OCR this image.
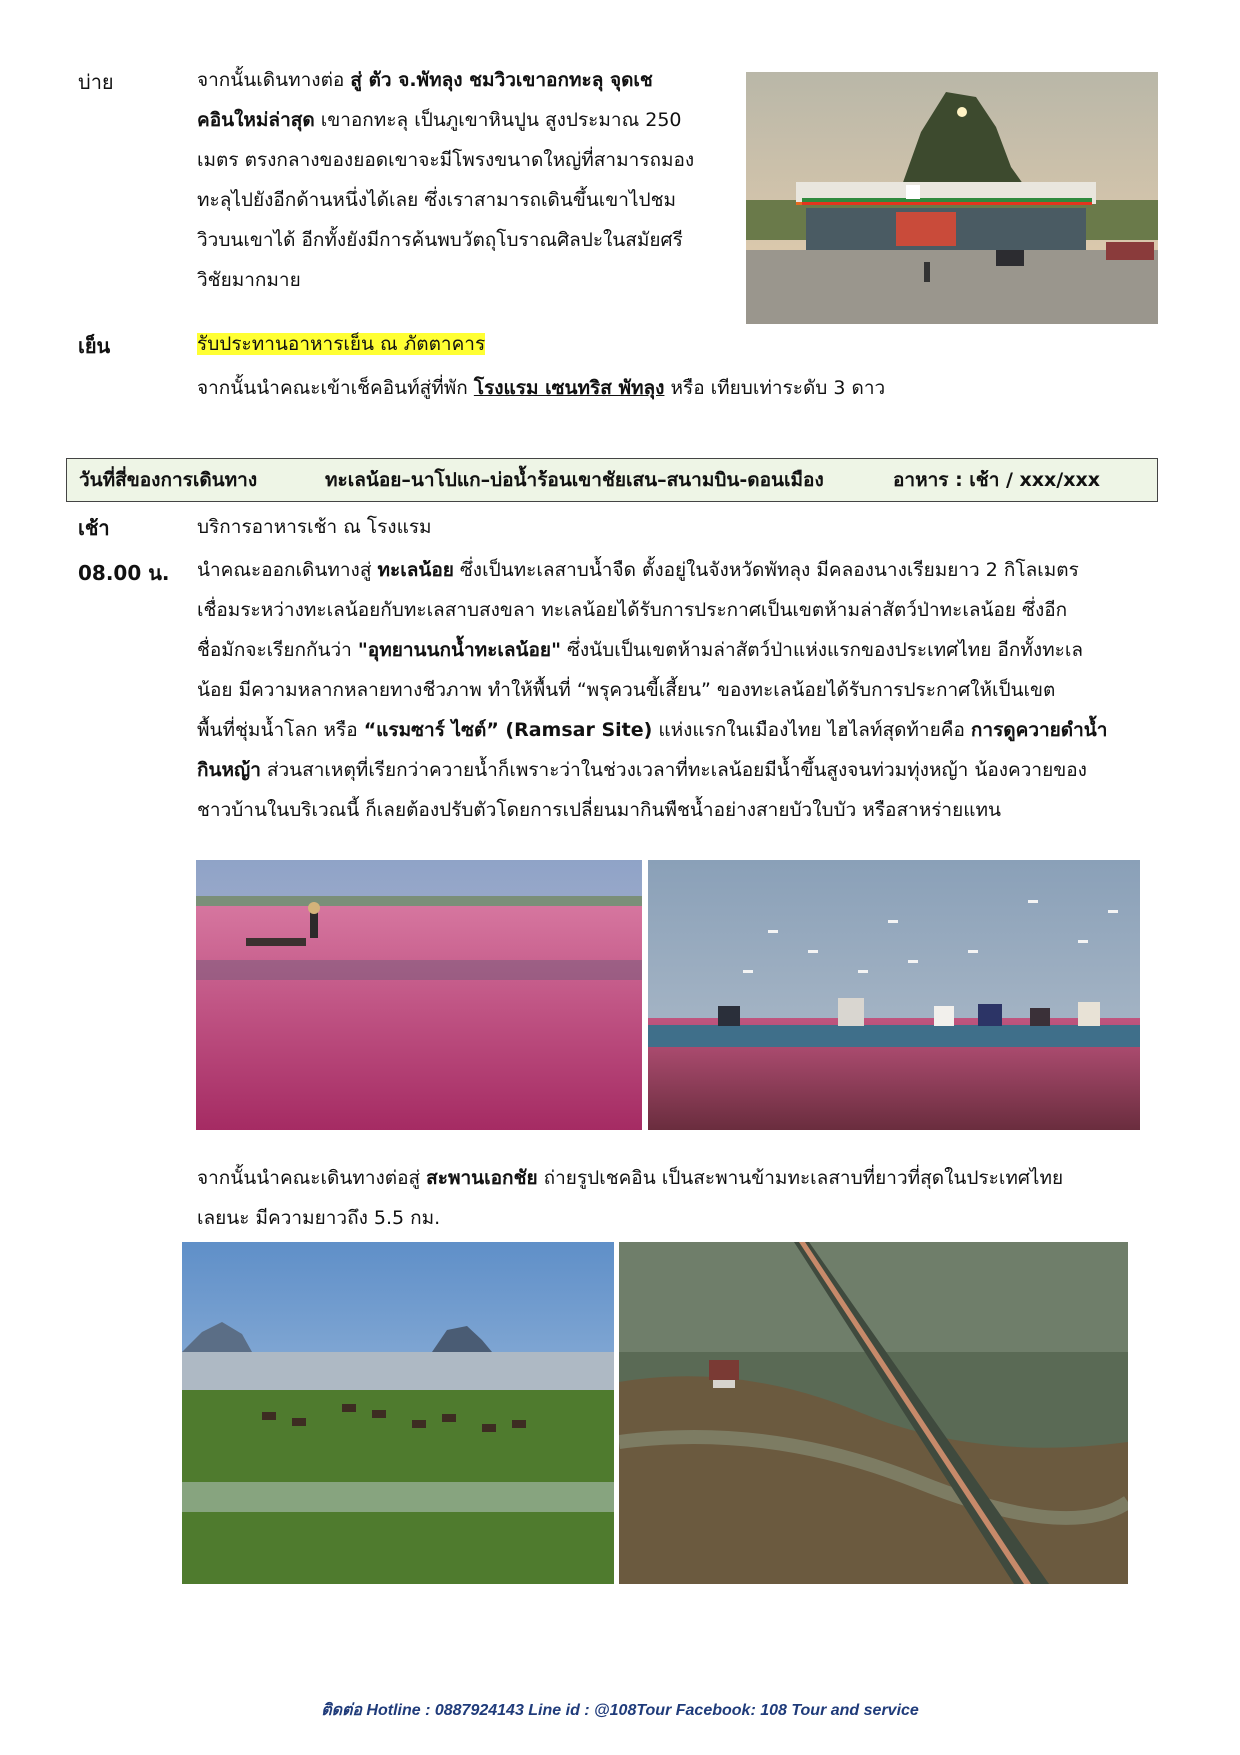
บ่าย	จากนั้นเดินทางต่อ สู่ ตัว จ.พัทลุง ชมวิวเขาอกทะลุ จุดเช
คอินใหม่ล่าสุด เขาอกทะลุ เป็นภูเขาหินปูน สูงประมาณ 250
เมตร ตรงกลางของยอดเขาจะมีโพรงขนาดใหญ่ที่สามารถมอง
ทะลุไปยังอีกด้านหนึ่งได้เลย ซึ่งเราสามารถเดินขึ้นเขาไปชม
วิวบนเขาได้ อีกทั้งยังมีการค้นพบวัตถุโบราณศิลปะในสมัยศรี
วิชัยมากมาย
เย็น	รับประทานอาหารเย็น ณ ภัตตาคาร
จากนั้นนำคณะเข้าเช็คอินท์สู่ที่พัก โรงแรม เซนทริส พัทลุง หรือ เทียบเท่าระดับ 3 ดาว
วันที่สี่ของการเดินทาง	ทะเลน้อย–นาโปแก–บ่อน้ำร้อนเขาชัยเสน–สนามบิน-ดอนเมือง	อาหาร : เช้า / xxx/xxx
เช้า	บริการอาหารเช้า ณ โรงแรม
08.00 น. นำคณะออกเดินทางสู่ ทะเลน้อย ซึ่งเป็นทะเลสาบน้ำจืด ตั้งอยู่ในจังหวัดพัทลุง มีคลองนางเรียมยาว 2 กิโลเมตร
เชื่อมระหว่างทะเลน้อยกับทะเลสาบสงขลา ทะเลน้อยได้รับการประกาศเป็นเขตห้ามล่าสัตว์ป่าทะเลน้อย ซึ่งอีก
ชื่อมักจะเรียกกันว่า "อุทยานนกน้ำทะเลน้อย" ซึ่งนับเป็นเขตห้ามล่าสัตว์ป่าแห่งแรกของประเทศไทย อีกทั้งทะเล
น้อย มีความหลากหลายทางชีวภาพ ทำให้พื้นที่ “พรุควนขี้เสี้ยน” ของทะเลน้อยได้รับการประกาศให้เป็นเขต
พื้นที่ชุ่มน้ำโลก หรือ “แรมซาร์ ไซต์” (Ramsar Site) แห่งแรกในเมืองไทย ไฮไลท์สุดท้ายคือ การดูควายดำน้ำ
กินหญ้า ส่วนสาเหตุที่เรียกว่าควายน้ำก็เพราะว่าในช่วงเวลาที่ทะเลน้อยมีน้ำขึ้นสูงจนท่วมทุ่งหญ้า น้องควายของ
ชาวบ้านในบริเวณนี้ ก็เลยต้องปรับตัวโดยการเปลี่ยนมากินพืชน้ำอย่างสายบัวใบบัว หรือสาหร่ายแทน
จากนั้นนำคณะเดินทางต่อสู่ สะพานเอกชัย ถ่ายรูปเชคอิน เป็นสะพานข้ามทะเลสาบที่ยาวที่สุดในประเทศไทย
เลยนะ มีความยาวถึง 5.5 กม.
ติดต่อ Hotline : 0887924143 Line id : @108Tour Facebook: 108 Tour and service
